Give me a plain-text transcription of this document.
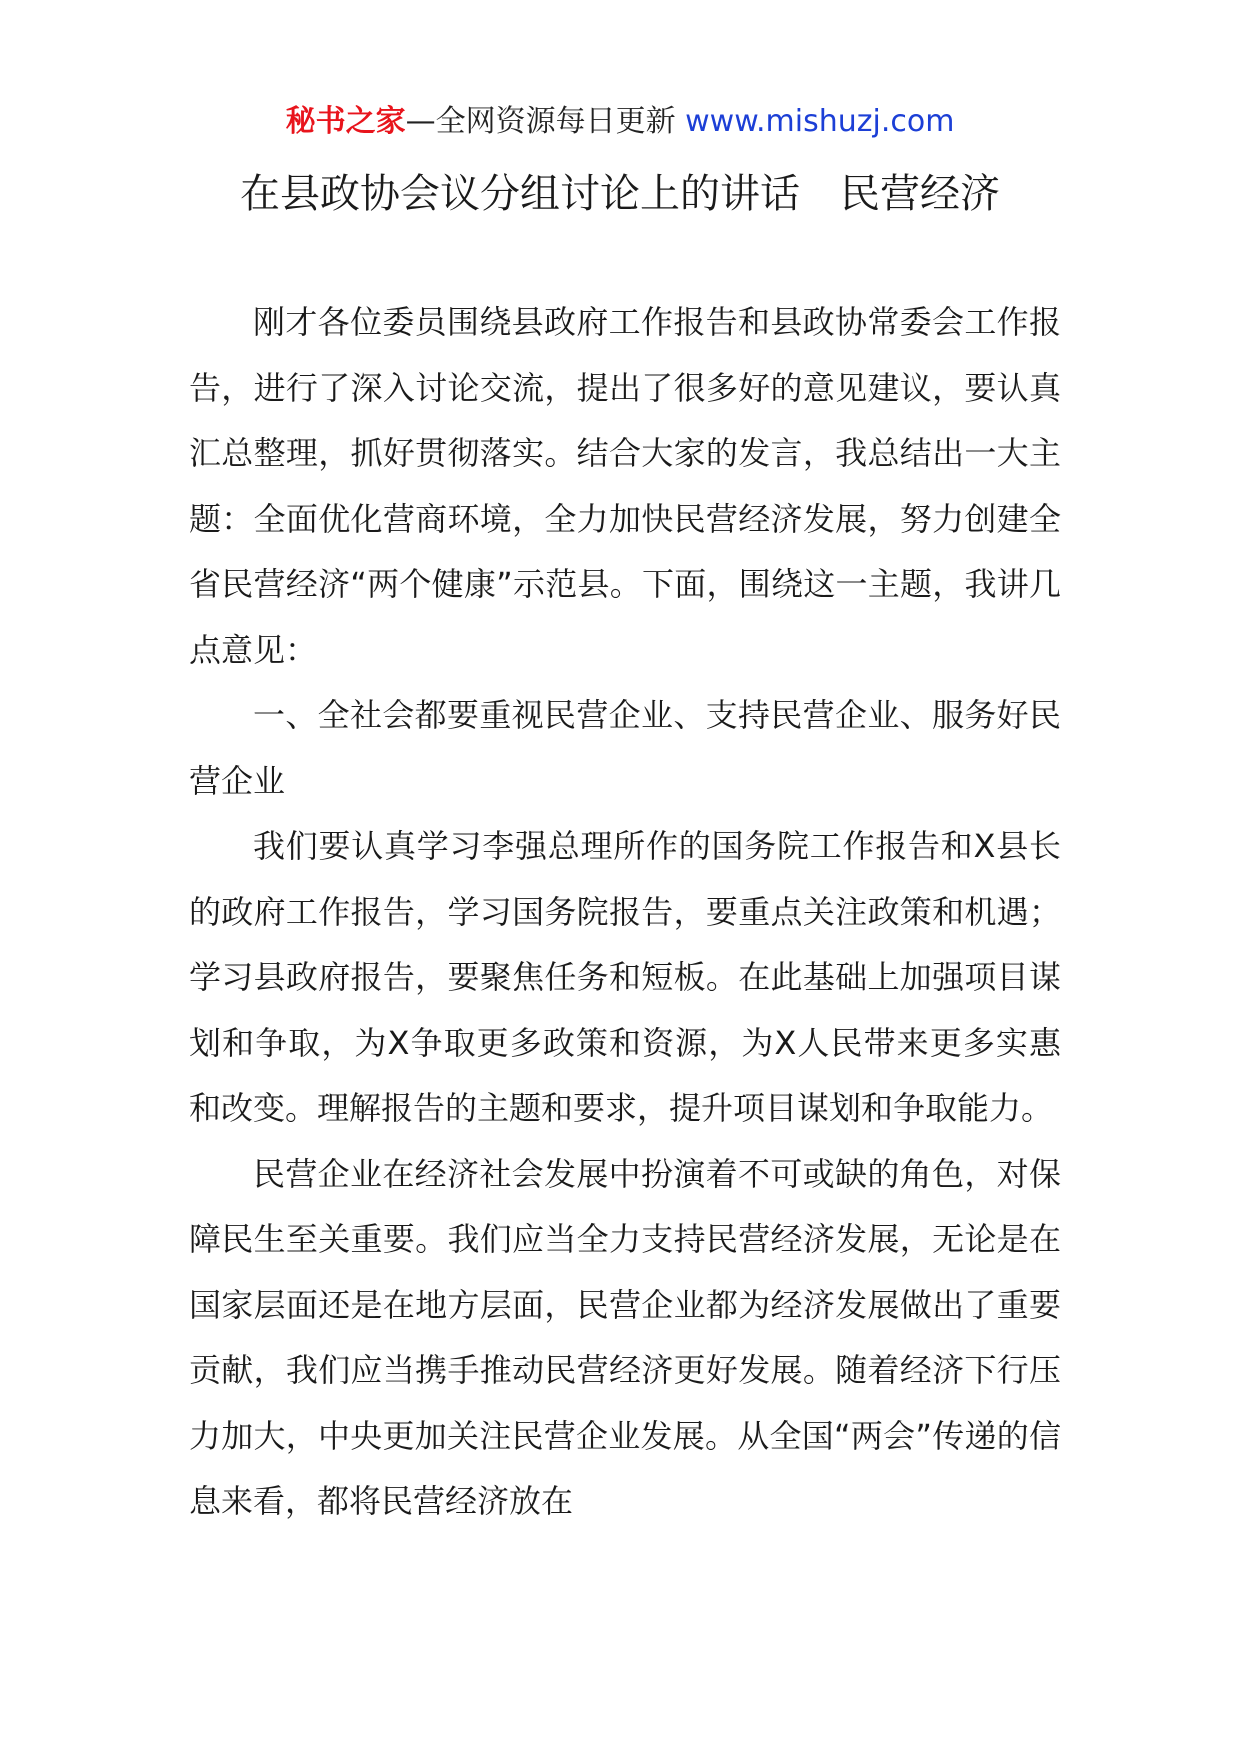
秘书之家—全网资源每日更新 www.mishuzj.com
在县政协会议分组讨论上的讲话　民营经济

刚才各位委员围绕县政府工作报告和县政协常委会工作报告，进行了深入讨论交流，提出了很多好的意见建议，要认真汇总整理，抓好贯彻落实。结合大家的发言，我总结出一大主题：全面优化营商环境，全力加快民营经济发展，努力创建全省民营经济“两个健康”示范县。下面，围绕这一主题，我讲几点意见：

一、全社会都要重视民营企业、支持民营企业、服务好民营企业

我们要认真学习李强总理所作的国务院工作报告和X县长的政府工作报告，学习国务院报告，要重点关注政策和机遇；学习县政府报告，要聚焦任务和短板。在此基础上加强项目谋划和争取，为X争取更多政策和资源，为X人民带来更多实惠和改变。理解报告的主题和要求，提升项目谋划和争取能力。

民营企业在经济社会发展中扮演着不可或缺的角色，对保障民生至关重要。我们应当全力支持民营经济发展，无论是在国家层面还是在地方层面，民营企业都为经济发展做出了重要贡献，我们应当携手推动民营经济更好发展。随着经济下行压力加大，中央更加关注民营企业发展。从全国“两会”传递的信息来看，都将民营经济放在
